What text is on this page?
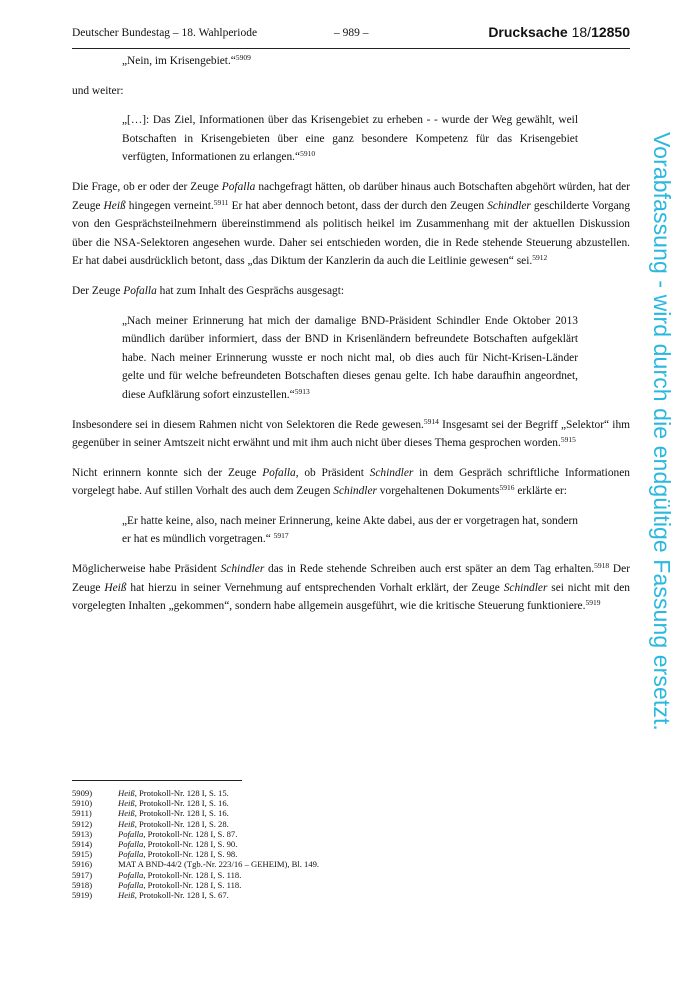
Deutscher Bundestag – 18. Wahlperiode	– 989 –	Drucksache 18/12850
Vorabfassung - wird durch die endgültige Fassung ersetzt.

„Nein, im Krisengebiet.“$^{5909}$

und weiter:

„[…]: Das Ziel, Informationen über das Krisengebiet zu erheben - - wurde der Weg gewählt, weil Botschaften in Krisengebieten über eine ganz besondere Kompetenz für das Krisengebiet verfügten, Informationen zu erlangen.“$^{5910}$

Die Frage, ob er oder der Zeuge Pofalla nachgefragt hätten, ob darüber hinaus auch Botschaften abgehört würden, hat der Zeuge Heiß hingegen verneint.$^{5911}$ Er hat aber dennoch betont, dass der durch den Zeugen Schindler geschilderte Vorgang von den Gesprächsteilnehmern übereinstimmend als politisch heikel im Zusammenhang mit der aktuellen Diskussion über die NSA-Selektoren angesehen wurde. Daher sei entschieden worden, die in Rede stehende Steuerung abzustellen. Er hat dabei ausdrücklich betont, dass „das Diktum der Kanzlerin da auch die Leitlinie gewesen“ sei.$^{5912}$

Der Zeuge Pofalla hat zum Inhalt des Gesprächs ausgesagt:

„Nach meiner Erinnerung hat mich der damalige BND-Präsident Schindler Ende Oktober 2013 mündlich darüber informiert, dass der BND in Krisenländern befreundete Botschaften aufgeklärt habe. Nach meiner Erinnerung wusste er noch nicht mal, ob dies auch für Nicht-Krisen-Länder gelte und für welche befreundeten Botschaften dieses genau gelte. Ich habe daraufhin angeordnet, diese Aufklärung sofort einzustellen.“$^{5913}$

Insbesondere sei in diesem Rahmen nicht von Selektoren die Rede gewesen.$^{5914}$ Insgesamt sei der Begriff „Selektor“ ihm gegenüber in seiner Amtszeit nicht erwähnt und mit ihm auch nicht über dieses Thema gesprochen worden.$^{5915}$

Nicht erinnern konnte sich der Zeuge Pofalla, ob Präsident Schindler in dem Gespräch schriftliche Informationen vorgelegt habe. Auf stillen Vorhalt des auch dem Zeugen Schindler vorgehaltenen Dokuments$^{5916}$ erklärte er:

„Er hatte keine, also, nach meiner Erinnerung, keine Akte dabei, aus der er vorgetragen hat, sondern er hat es mündlich vorgetragen.“ $^{5917}$

Möglicherweise habe Präsident Schindler das in Rede stehende Schreiben auch erst später an dem Tag erhalten.$^{5918}$ Der Zeuge Heiß hat hierzu in seiner Vernehmung auf entsprechenden Vorhalt erklärt, der Zeuge Schindler sei nicht mit den vorgelegten Inhalten „gekommen“, sondern habe allgemein ausgeführt, wie die kritische Steuerung funktioniere.$^{5919}$

5909)	Heiß, Protokoll-Nr. 128 I, S. 15.
5910)	Heiß, Protokoll-Nr. 128 I, S. 16.
5911)	Heiß, Protokoll-Nr. 128 I, S. 16.
5912)	Heiß, Protokoll-Nr. 128 I, S. 28.
5913)	Pofalla, Protokoll-Nr. 128 I, S. 87.
5914)	Pofalla, Protokoll-Nr. 128 I, S. 90.
5915)	Pofalla, Protokoll-Nr. 128 I, S. 98.
5916)	MAT A BND-44/2 (Tgb.-Nr. 223/16 – GEHEIM), Bl. 149.
5917)	Pofalla, Protokoll-Nr. 128 I, S. 118.
5918)	Pofalla, Protokoll-Nr. 128 I, S. 118.
5919)	Heiß, Protokoll-Nr. 128 I, S. 67.
